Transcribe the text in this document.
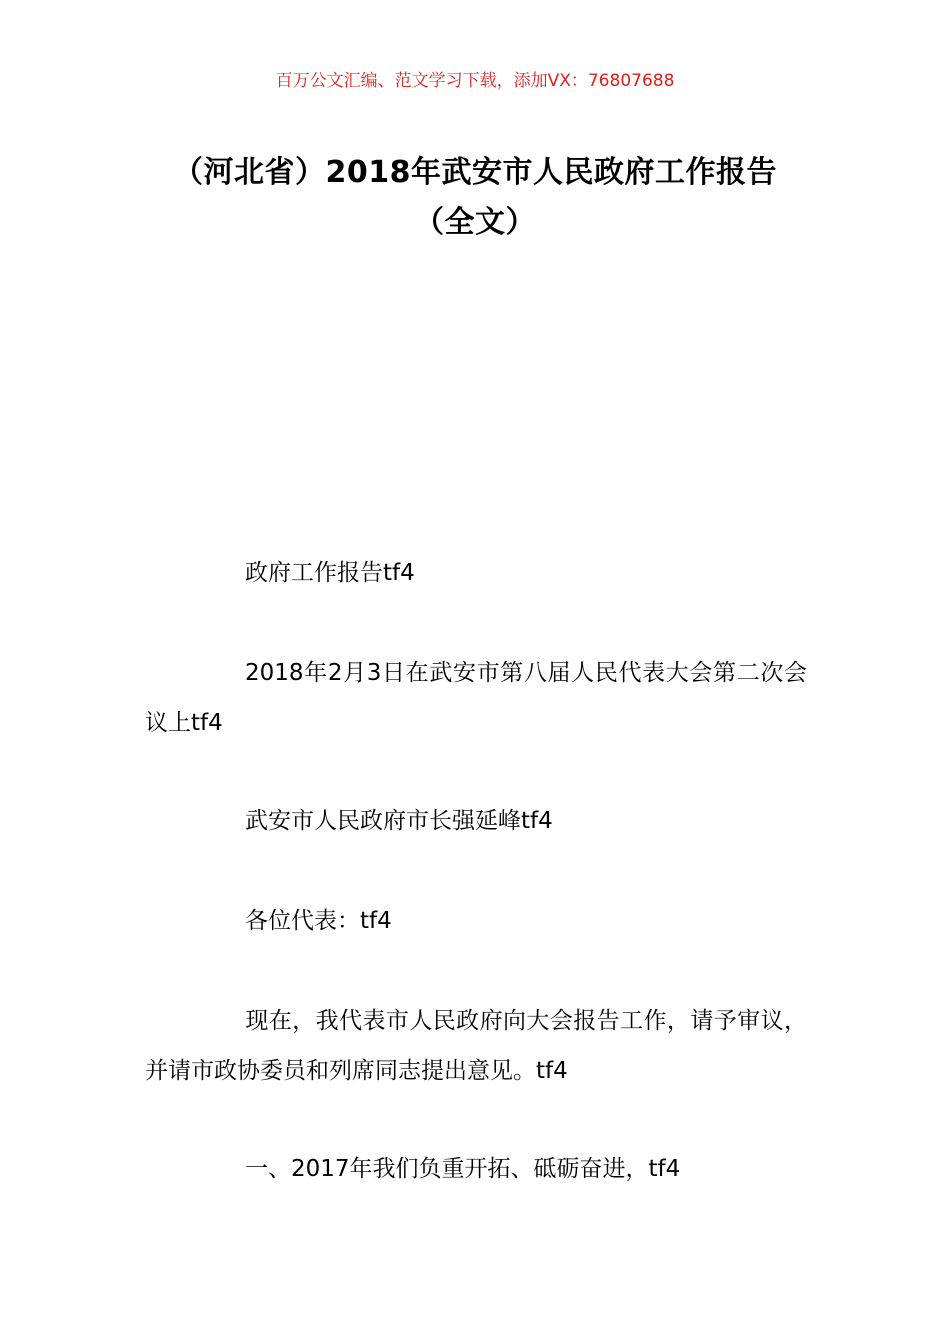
百万公文汇编、范文学习下载，添加VX：76807688
（河北省）2018年武安市人民政府工作报告（全文）
政府工作报告tf4
2018年2月3日在武安市第八届人民代表大会第二次会议上tf4
武安市人民政府市长强延峰tf4
各位代表：tf4
现在，我代表市人民政府向大会报告工作，请予审议，并请市政协委员和列席同志提出意见。tf4
一、2017年我们负重开拓、砥砺奋进，tf4
